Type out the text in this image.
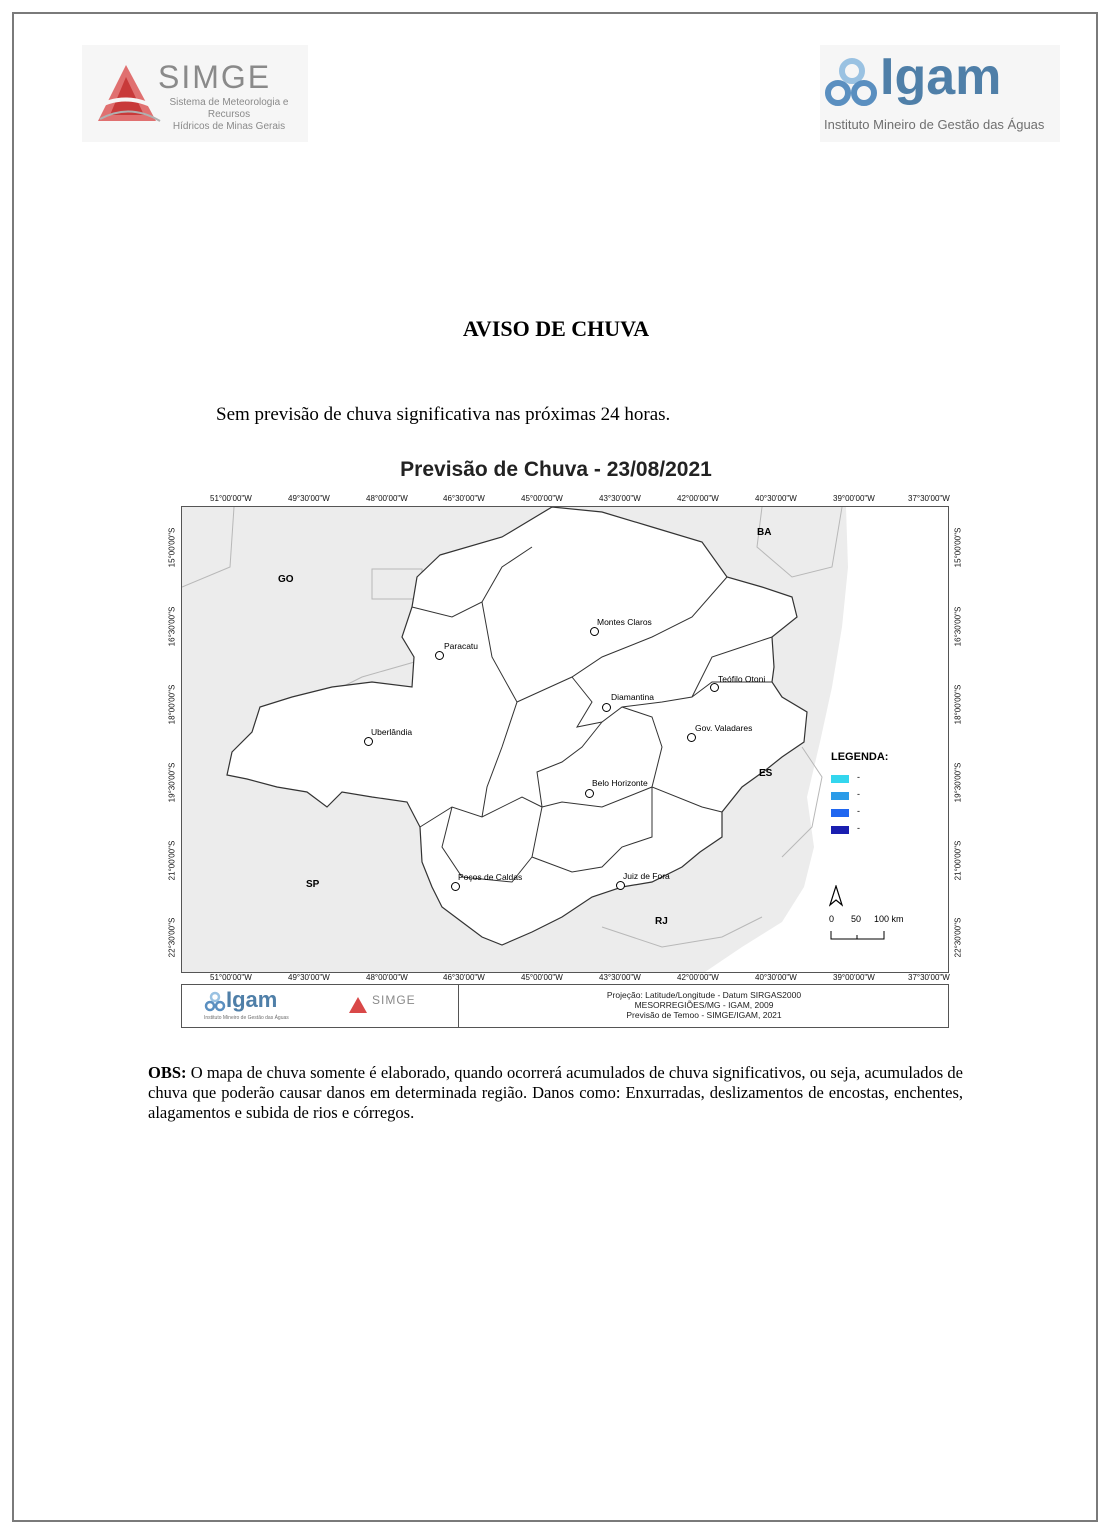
SIMGE
Sistema de Meteorologia e Recursos
Hídricos de Minas Gerais
Igam
Instituto Mineiro de Gestão das Águas
AVISO DE CHUVA
Sem previsão de chuva significativa nas próximas 24 horas.
Previsão de Chuva - 23/08/2021
51°00'00"W	49°30'00"W	48°00'00"W	46°30'00"W	45°00'00"W	43°30'00"W	42°00'00"W	40°30'00"W	39°00'00"W	37°30'00"W
51°00'00"W	49°30'00"W	48°00'00"W	46°30'00"W	45°00'00"W	43°30'00"W	42°00'00"W	40°30'00"W	39°00'00"W	37°30'00"W
15°00'00"S
16°30'00"S
18°00'00"S
19°30'00"S
21°00'00"S
22°30'00"S
15°00'00"S
16°30'00"S
18°00'00"S
19°30'00"S
21°00'00"S
22°30'00"S
BA
GO
ES
SP
RJ
Montes Claros
Paracatu
Teófilo Otoni
Diamantina
Gov. Valadares
Uberlândia
Belo Horizonte
Poços de Caldas	Juiz de Fora
LEGENDA:
-
-
-
-
0 50 100 km
Igam
Instituto Mineiro de Gestão das Águas
SIMGE	Projeção: Latitude/Longitude - Datum SIRGAS2000
MESORREGIÕES/MG - IGAM, 2009
Previsão de Temoo - SIMGE/IGAM, 2021
OBS: O mapa de chuva somente é elaborado, quando ocorrerá acumulados de chuva significativos, ou seja, acumulados de chuva que poderão causar danos em determinada região. Danos como: Enxurradas, deslizamentos de encostas, enchentes, alagamentos e subida de rios e córregos.
